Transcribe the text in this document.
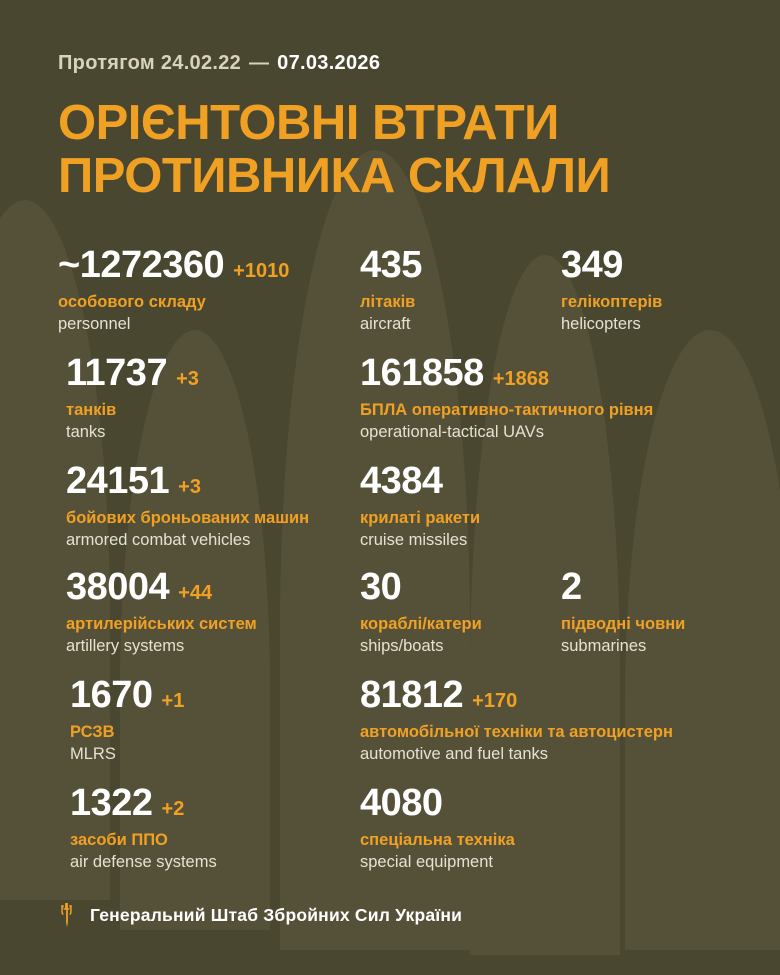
Протягом 24.02.22 — 07.03.2026
ОРІЄНТОВНІ ВТРАТИ
ПРОТИВНИКА СКЛАЛИ
~1272360 +1010
особового складу
personnel
435
літаків
aircraft
349
гелікоптерів
helicopters
11737 +3
танків
tanks
161858 +1868
БПЛА оперативно-тактичного рівня
operational-tactical UAVs
24151 +3
бойових броньованих машин
armored combat vehicles
4384
крилаті ракети
cruise missiles
38004 +44
артилерійських систем
artillery systems
30
кораблі/катери
ships/boats
2
підводні човни
submarines
1670 +1
РСЗВ
MLRS
81812 +170
автомобільної техніки та автоцистерн
automotive and fuel tanks
1322 +2
засоби ППО
air defense systems
4080
спеціальна техніка
special equipment
Генеральний Штаб Збройних Сил України
